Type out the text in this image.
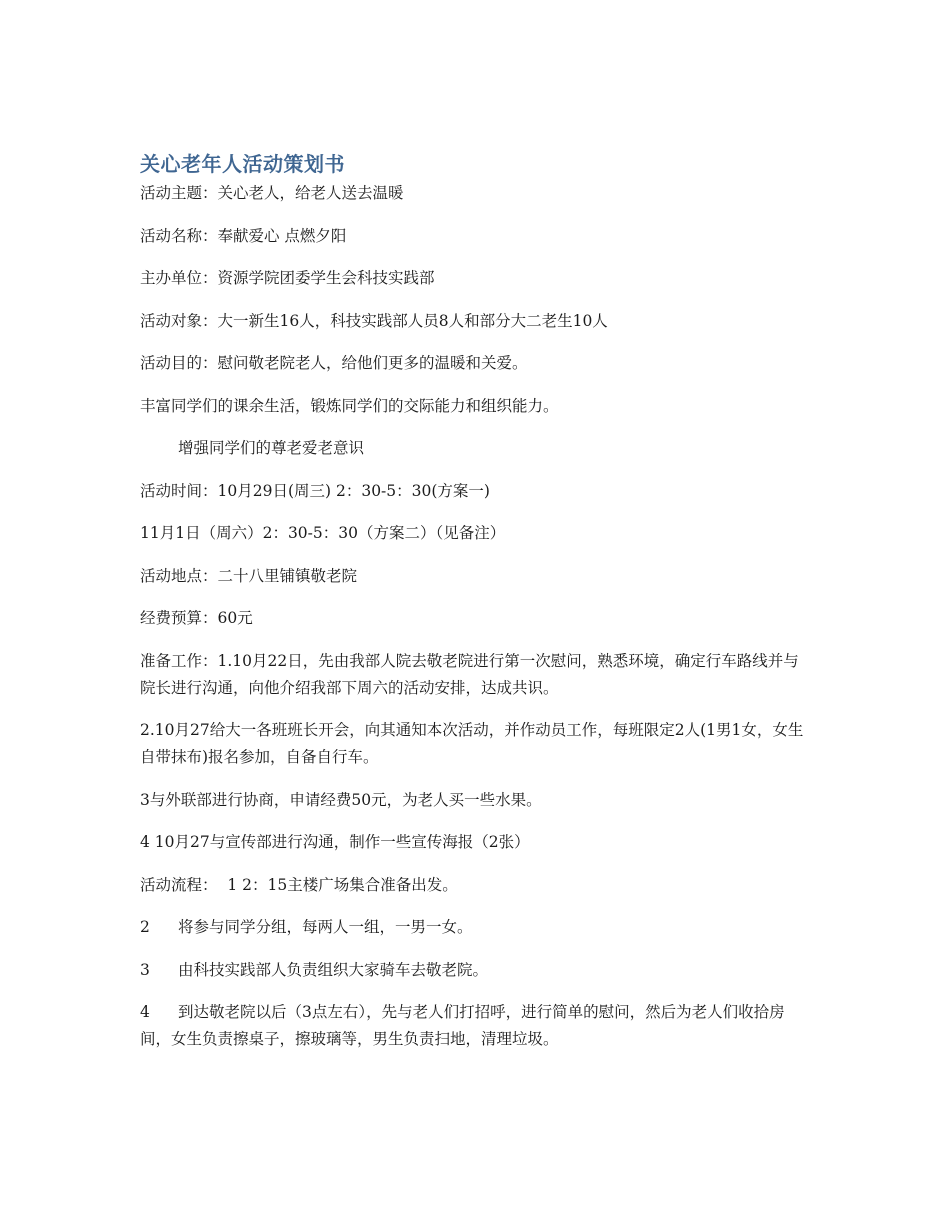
关心老年人活动策划书

活动主题：关心老人，给老人送去温暖

活动名称：奉献爱心 点燃夕阳

主办单位：资源学院团委学生会科技实践部

活动对象：大一新生16人，科技实践部人员8人和部分大二老生10人

活动目的：慰问敬老院老人，给他们更多的温暖和关爱。

丰富同学们的课余生活，锻炼同学们的交际能力和组织能力。

增强同学们的尊老爱老意识

活动时间：10月29日(周三) 2：30-5：30(方案一)

11月1日（周六）2：30-5：30（方案二）（见备注）

活动地点：二十八里铺镇敬老院

经费预算：60元

准备工作：1.10月22日，先由我部人院去敬老院进行第一次慰问，熟悉环境，确定行车路线并与院长进行沟通，向他介绍我部下周六的活动安排，达成共识。

2.10月27给大一各班班长开会，向其通知本次活动，并作动员工作，每班限定2人(1男1女，女生自带抹布)报名参加，自备自行车。

3与外联部进行协商，申请经费50元，为老人买一些水果。

4 10月27与宣传部进行沟通，制作一些宣传海报（2张）

活动流程：  1 2：15主楼广场集合准备出发。

2 将参与同学分组，每两人一组，一男一女。

3 由科技实践部人负责组织大家骑车去敬老院。

4 到达敬老院以后（3点左右），先与老人们打招呼，进行简单的慰问，然后为老人们收拾房间，女生负责擦桌子，擦玻璃等，男生负责扫地，清理垃圾。
